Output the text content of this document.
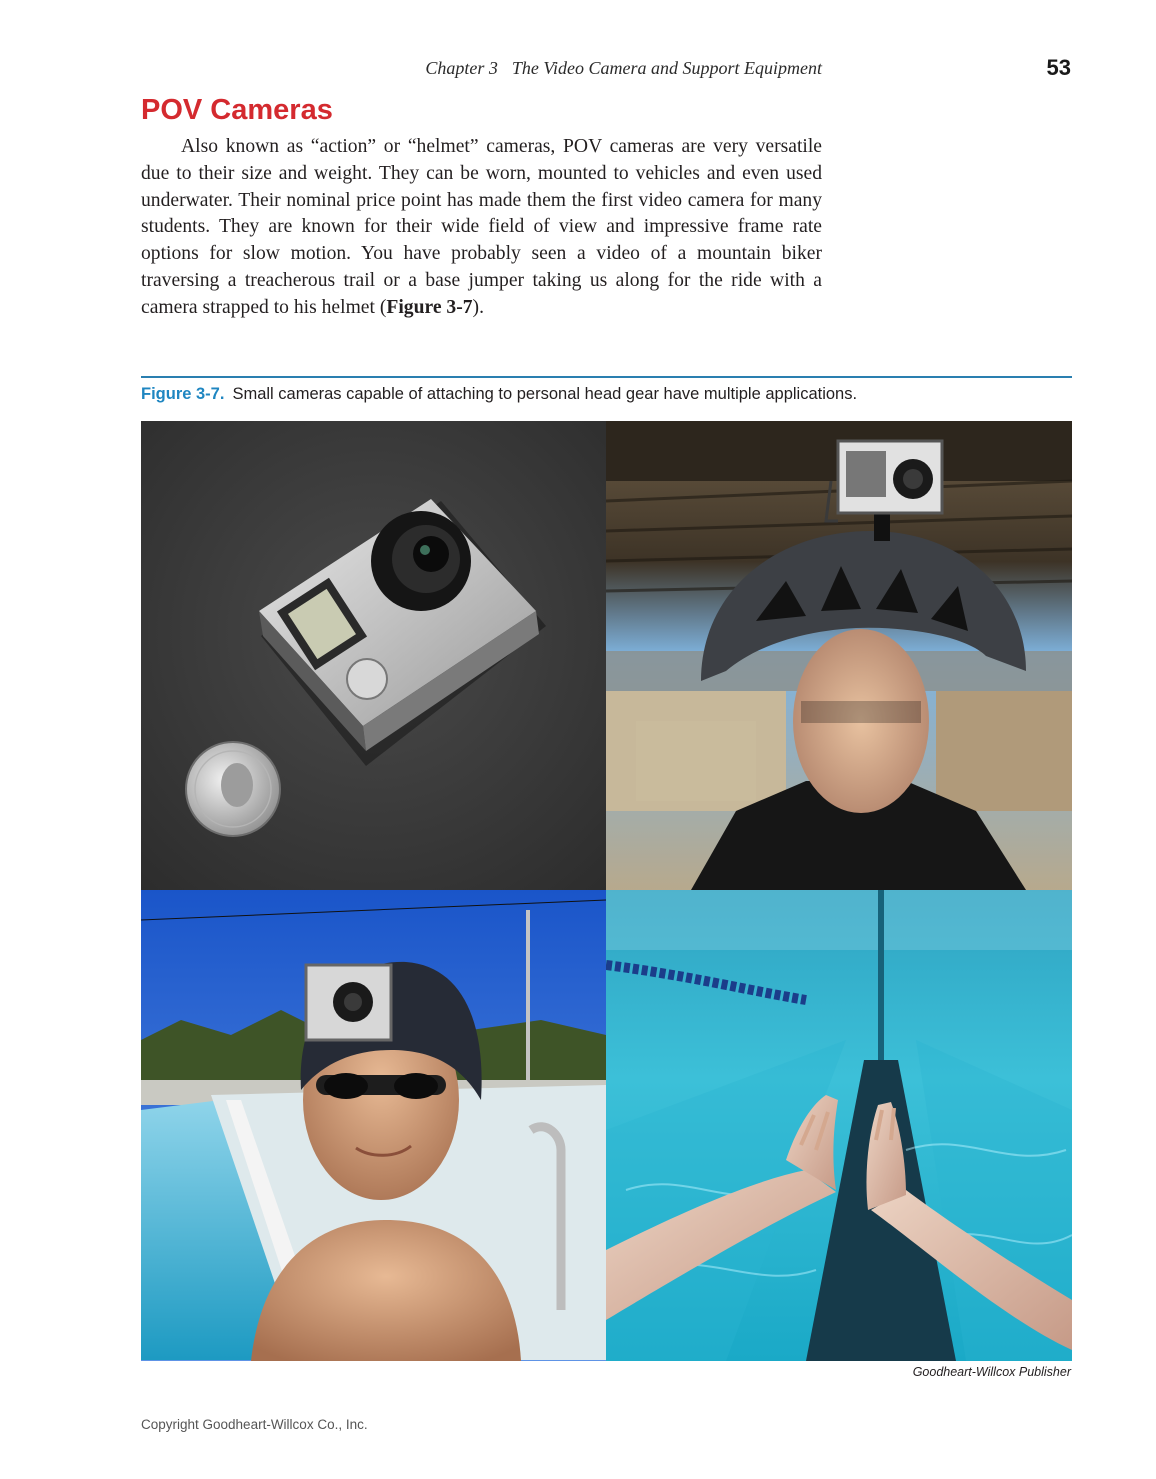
Chapter 3 The Video Camera and Support Equipment	53
POV Cameras

Also known as “action” or “helmet” cameras, POV cameras are very versatile due to their size and weight. They can be worn, mounted to vehicles and even used underwater. Their nominal price point has made them the first video camera for many students. They are known for their wide field of view and impressive frame rate options for slow motion. You have probably seen a video of a mountain biker traversing a treacherous trail or a base jumper taking us along for the ride with a camera strapped to his helmet (Figure 3-7).

Figure 3-7. Small cameras capable of attaching to personal head gear have multiple applications.
Goodheart-Willcox Publisher
Copyright Goodheart-Willcox Co., Inc.
